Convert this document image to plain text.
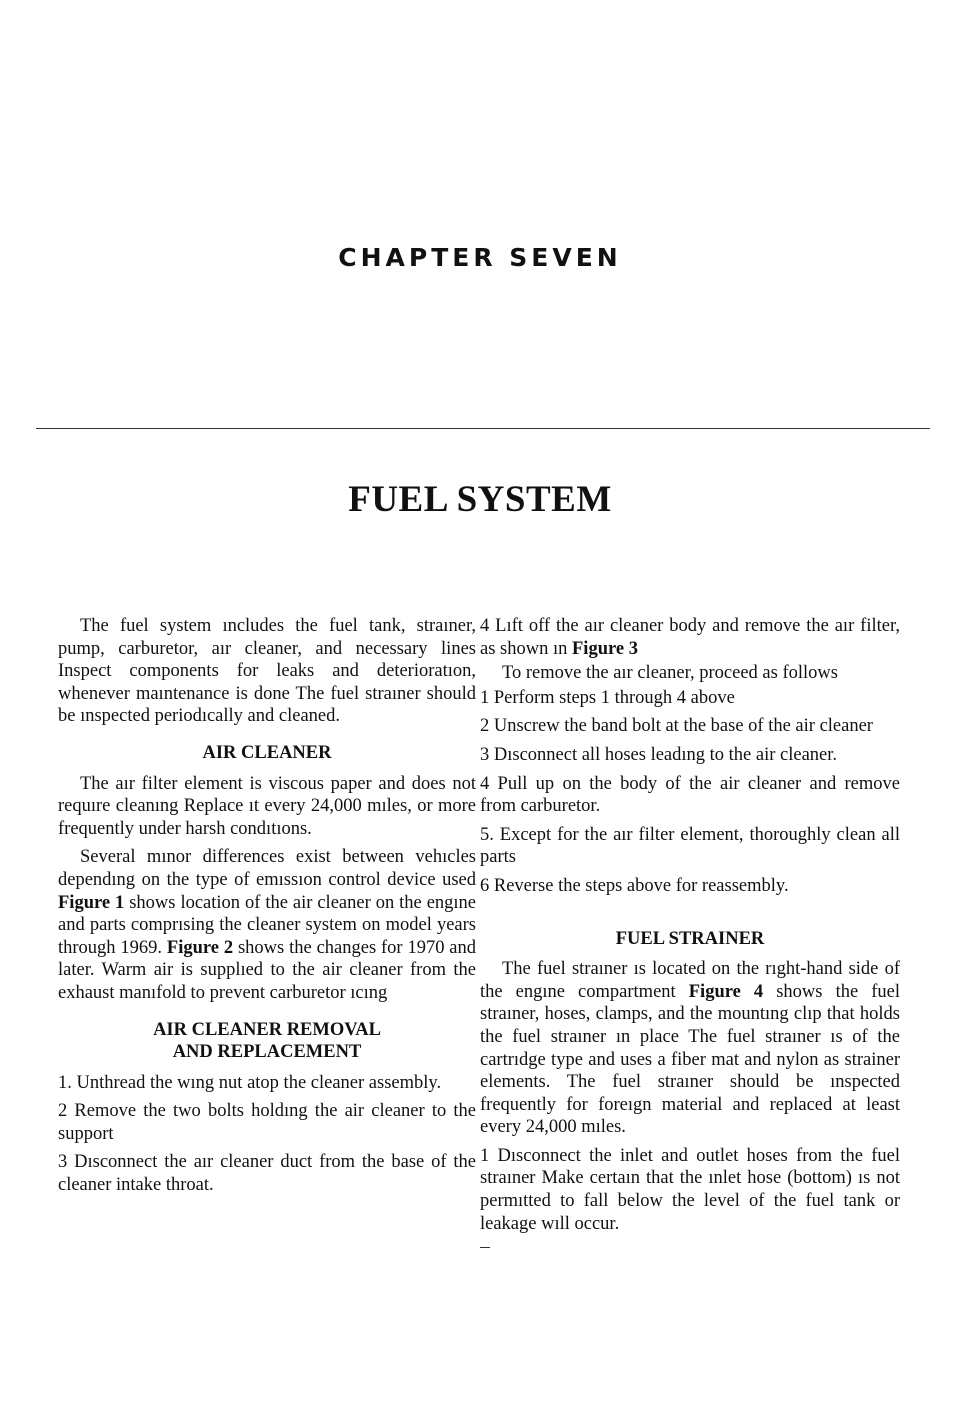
CHAPTER SEVEN
FUEL SYSTEM

The fuel system ıncludes the fuel tank, straıner, pump, carburetor, aır cleaner, and necessary lines Inspect components for leaks and deterioratıon, whenever maıntenance is done The fuel straıner should be ınspected periodıcally and cleaned.

AIR CLEANER

The aır filter element is viscous paper and does not requıre cleanıng Replace ıt every 24,000 mıles, or more frequently under harsh condıtıons.

Several mınor differences exist between vehıcles dependıng on the type of emıssıon control device used Figure 1 shows location of the air cleaner on the engıne and parts comprısing the cleaner system on model years through 1969. Figure 2 shows the changes for 1970 and later. Warm air is supplıed to the air cleaner from the exhaust manıfold to prevent carburetor ıcıng

AIR CLEANER REMOVAL
AND REPLACEMENT

1. Unthread the wıng nut atop the cleaner assembly.

2 Remove the two bolts holdıng the air cleaner to the support

3 Dısconnect the aır cleaner duct from the base of the cleaner intake throat.

4 Lıft off the aır cleaner body and remove the aır filter, as shown ın Figure 3

To remove the aır cleaner, proceed as follows

1 Perform steps 1 through 4 above

2 Unscrew the band bolt at the base of the air cleaner

3 Dısconnect all hoses leadıng to the air cleaner.

4 Pull up on the body of the air cleaner and remove from carburetor.

5. Except for the aır filter element, thoroughly clean all parts

6 Reverse the steps above for reassembly.

FUEL STRAINER

The fuel straıner ıs located on the rıght-hand side of the engıne compartment Figure 4 shows the fuel straıner, hoses, clamps, and the mountıng clıp that holds the fuel straıner ın place The fuel straıner ıs of the cartrıdge type and uses a fiber mat and nylon as strainer elements. The fuel straıner should be ınspected frequently for foreıgn material and replaced at least every 24,000 mıles.

1 Dısconnect the inlet and outlet hoses from the fuel straıner Make certaın that the ınlet hose (bottom) ıs not permıtted to fall below the level of the fuel tank or leakage wıll occur.
